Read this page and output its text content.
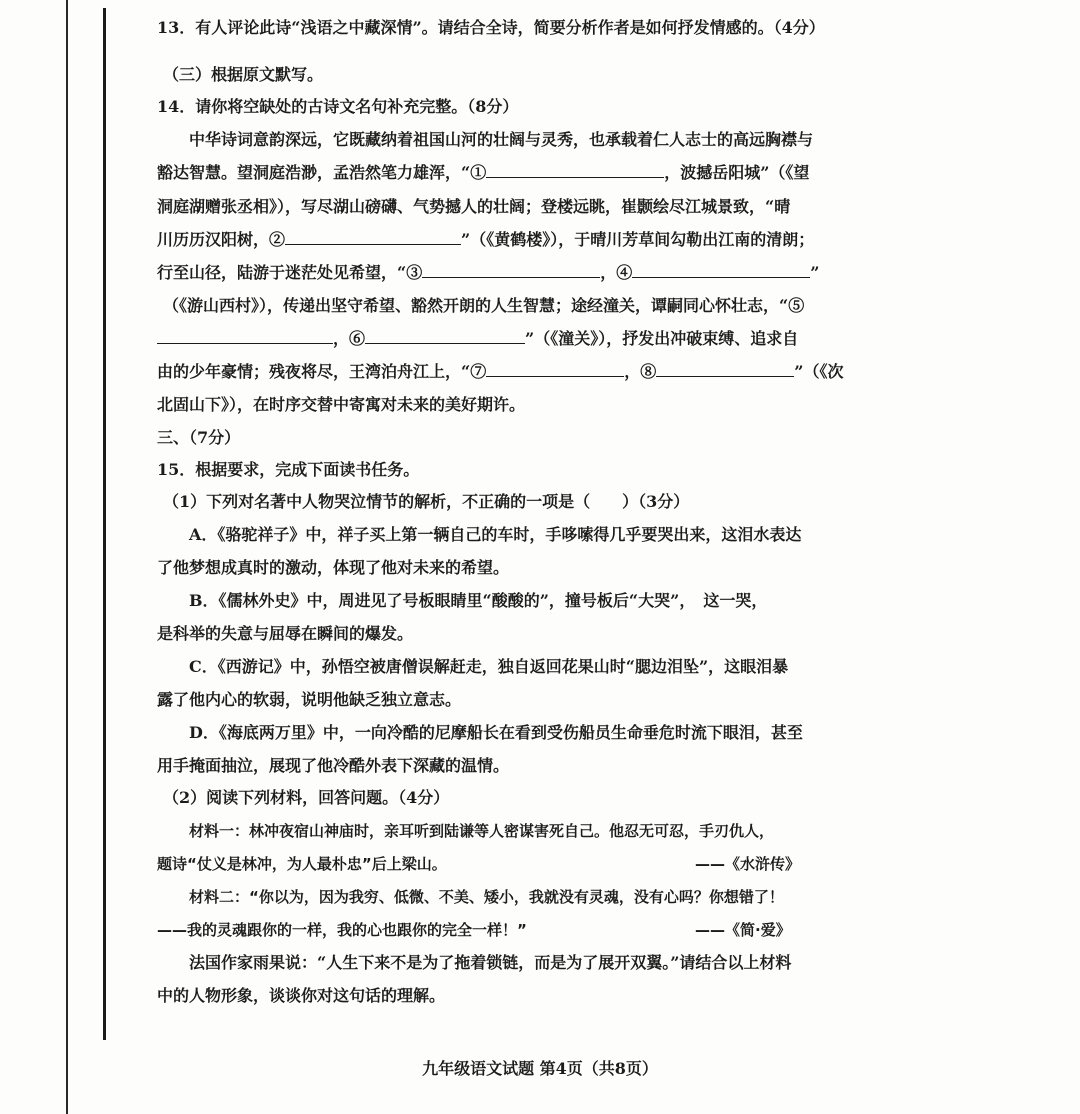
13．有人评论此诗“浅语之中藏深情”。请结合全诗，简要分析作者是如何抒发情感的。（4分）
（三）根据原文默写。
14．请你将空缺处的古诗文名句补充完整。（8分）
中华诗词意韵深远，它既藏纳着祖国山河的壮阔与灵秀，也承载着仁人志士的高远胸襟与
豁达智慧。望洞庭浩渺，孟浩然笔力雄浑，“①	，波撼岳阳城”（《望
洞庭湖赠张丞相》），写尽湖山磅礴、气势撼人的壮阔；登楼远眺，崔颢绘尽江城景致，“晴
川历历汉阳树，②	”（《黄鹤楼》），于晴川芳草间勾勒出江南的清朗；
行至山径，陆游于迷茫处见希望，“③	，④	”
（《游山西村》），传递出坚守希望、豁然开朗的人生智慧；途经潼关，谭嗣同心怀壮志，“⑤
，⑥	”（《潼关》），抒发出冲破束缚、追求自
由的少年豪情；残夜将尽，王湾泊舟江上，“⑦	，⑧	”（《次
北固山下》），在时序交替中寄寓对未来的美好期许。
三、（7分）
15．根据要求，完成下面读书任务。
（1）下列对名著中人物哭泣情节的解析，不正确的一项是（　　）（3分）
A．《骆驼祥子》中，祥子买上第一辆自己的车时，手哆嗦得几乎要哭出来，这泪水表达
了他梦想成真时的激动，体现了他对未来的希望。
B．《儒林外史》中，周进见了号板眼睛里“酸酸的”，撞号板后“大哭”，　这一哭，
是科举的失意与屈辱在瞬间的爆发。
C．《西游记》中，孙悟空被唐僧误解赶走，独自返回花果山时“腮边泪坠”，这眼泪暴
露了他内心的软弱，说明他缺乏独立意志。
D．《海底两万里》中，一向冷酷的尼摩船长在看到受伤船员生命垂危时流下眼泪，甚至
用手掩面抽泣，展现了他冷酷外表下深藏的温情。
（2）阅读下列材料，回答问题。（4分）
材料一：林冲夜宿山神庙时，亲耳听到陆谦等人密谋害死自己。他忍无可忍，手刃仇人，
题诗“仗义是林冲，为人最朴忠”后上梁山。	——《水浒传》
材料二：“你以为，因为我穷、低微、不美、矮小，我就没有灵魂，没有心吗？你想错了！
——我的灵魂跟你的一样，我的心也跟你的完全一样！”	——《简·爱》
法国作家雨果说：“人生下来不是为了拖着锁链，而是为了展开双翼。”请结合以上材料
中的人物形象，谈谈你对这句话的理解。
九年级语文试题 第4页（共8页）
